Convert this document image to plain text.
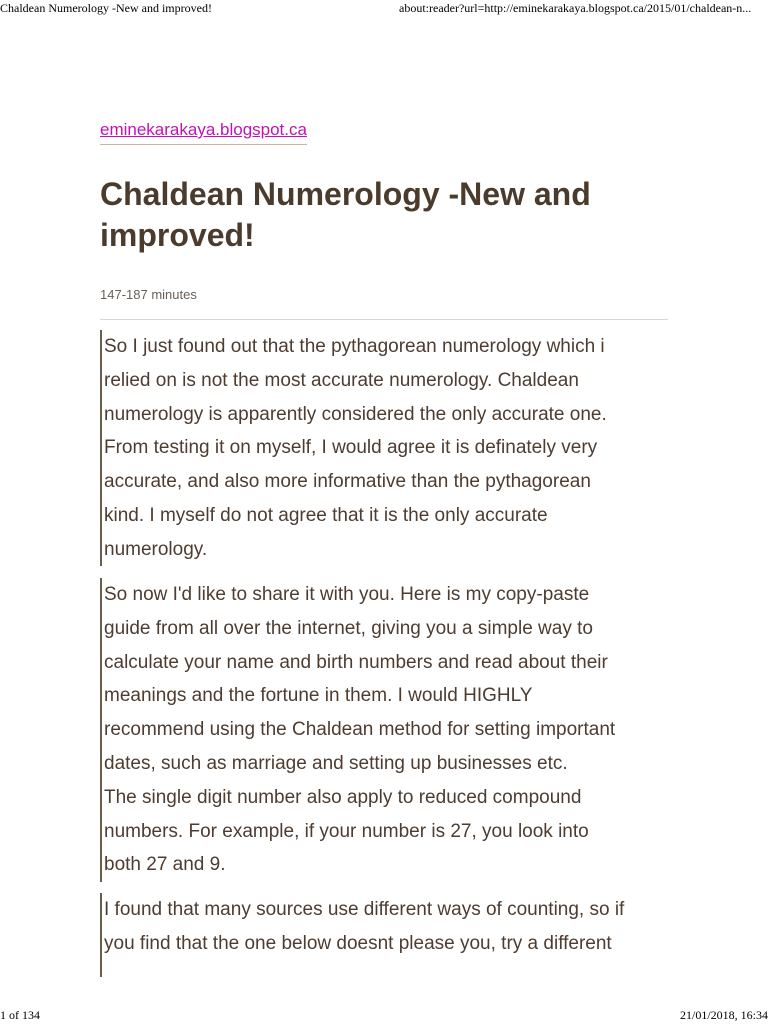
Chaldean Numerology -New and improved!	about:reader?url=http://eminekarakaya.blogspot.ca/2015/01/chaldean-n...
eminekarakaya.blogspot.ca
Chaldean Numerology -New and improved!
147-187 minutes

So I just found out that the pythagorean numerology which i
relied on is not the most accurate numerology. Chaldean
numerology is apparently considered the only accurate one.
From testing it on myself, I would agree it is definately very
accurate, and also more informative than the pythagorean
kind. I myself do not agree that it is the only accurate
numerology.

So now I'd like to share it with you. Here is my copy-paste
guide from all over the internet, giving you a simple way to
calculate your name and birth numbers and read about their
meanings and the fortune in them. I would HIGHLY
recommend using the Chaldean method for setting important
dates, such as marriage and setting up businesses etc.
The single digit number also apply to reduced compound
numbers. For example, if your number is 27, you look into
both 27 and 9.

I found that many sources use different ways of counting, so if
you find that the one below doesnt please you, try a different

1 of 134	21/01/2018, 16:34
